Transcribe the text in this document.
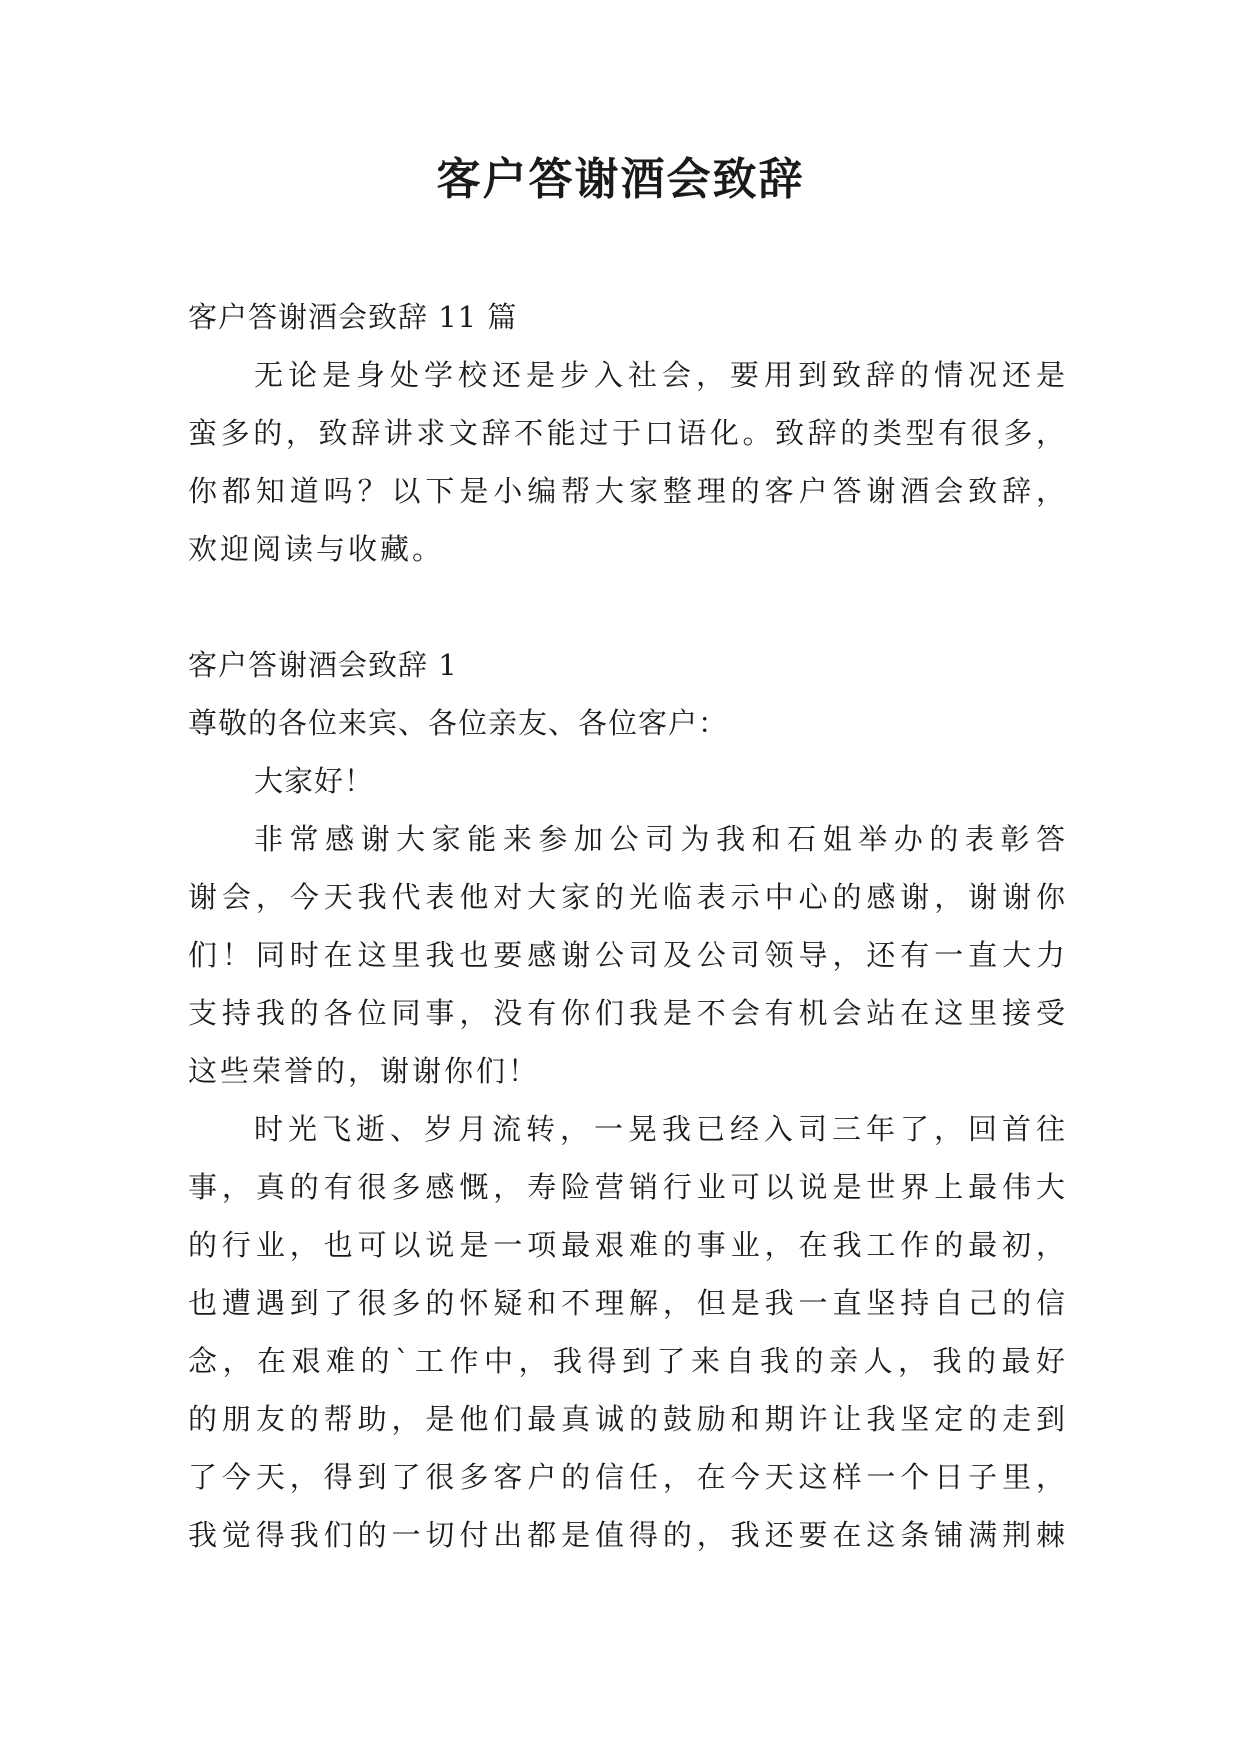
客户答谢酒会致辞
客户答谢酒会致辞 11 篇
无论是身处学校还是步入社会，要用到致辞的情况还是
蛮多的，致辞讲求文辞不能过于口语化。致辞的类型有很多，
你都知道吗？以下是小编帮大家整理的客户答谢酒会致辞，
欢迎阅读与收藏。
客户答谢酒会致辞 1
尊敬的各位来宾、各位亲友、各位客户：
大家好！
非常感谢大家能来参加公司为我和石姐举办的表彰答
谢会，今天我代表他对大家的光临表示中心的感谢，谢谢你
们！同时在这里我也要感谢公司及公司领导，还有一直大力
支持我的各位同事，没有你们我是不会有机会站在这里接受
这些荣誉的，谢谢你们！
时光飞逝、岁月流转，一晃我已经入司三年了，回首往
事，真的有很多感慨，寿险营销行业可以说是世界上最伟大
的行业，也可以说是一项最艰难的事业，在我工作的最初，
也遭遇到了很多的怀疑和不理解，但是我一直坚持自己的信
念，在艰难的`工作中，我得到了来自我的亲人，我的最好
的朋友的帮助，是他们最真诚的鼓励和期许让我坚定的走到
了今天，得到了很多客户的信任，在今天这样一个日子里，
我觉得我们的一切付出都是值得的，我还要在这条铺满荆棘
